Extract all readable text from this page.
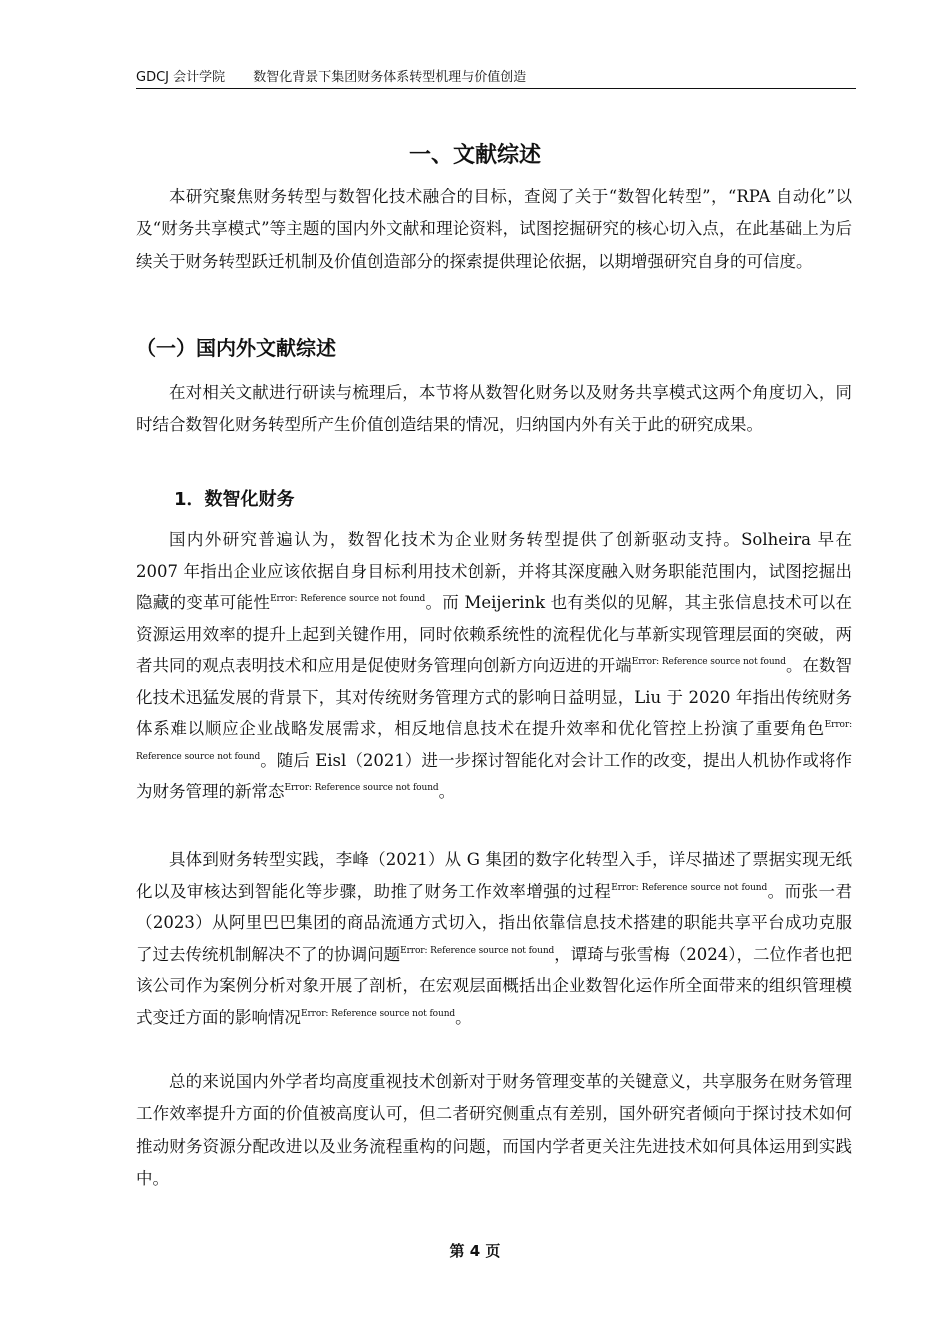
GDCJ 会计学院 数智化背景下集团财务体系转型机理与价值创造
一、文献综述

本研究聚焦财务转型与数智化技术融合的目标，查阅了关于“数智化转型”，“RPA 自动化”以及“财务共享模式”等主题的国内外文献和理论资料，试图挖掘研究的核心切入点，在此基础上为后续关于财务转型跃迁机制及价值创造部分的探索提供理论依据，以期增强研究自身的可信度。

（一）国内外文献综述

在对相关文献进行研读与梳理后，本节将从数智化财务以及财务共享模式这两个角度切入，同时结合数智化财务转型所产生价值创造结果的情况，归纳国内外有关于此的研究成果。

1．数智化财务

国内外研究普遍认为，数智化技术为企业财务转型提供了创新驱动支持。Solheira 早在 2007 年指出企业应该依据自身目标利用技术创新，并将其深度融入财务职能范围内，试图挖掘出隐藏的变革可能性$^{Error: Reference source not found}$。而 Meijerink 也有类似的见解，其主张信息技术可以在资源运用效率的提升上起到关键作用，同时依赖系统性的流程优化与革新实现管理层面的突破，两者共同的观点表明技术和应用是促使财务管理向创新方向迈进的开端$^{Error: Reference source not found}$。在数智化技术迅猛发展的背景下，其对传统财务管理方式的影响日益明显，Liu 于 2020 年指出传统财务体系难以顺应企业战略发展需求，相反地信息技术在提升效率和优化管控上扮演了重要角色$^{Error: Reference source not found}$。随后 Eisl（2021）进一步探讨智能化对会计工作的改变，提出人机协作或将作为财务管理的新常态$^{Error: Reference source not found}$。

具体到财务转型实践，李峰（2021）从 G 集团的数字化转型入手，详尽描述了票据实现无纸化以及审核达到智能化等步骤，助推了财务工作效率增强的过程$^{Error: Reference source not found}$。而张一君（2023）从阿里巴巴集团的商品流通方式切入，指出依靠信息技术搭建的职能共享平台成功克服了过去传统机制解决不了的协调问题$^{Error: Reference source not found}$，谭琦与张雪梅（2024），二位作者也把该公司作为案例分析对象开展了剖析，在宏观层面概括出企业数智化运作所全面带来的组织管理模式变迁方面的影响情况$^{Error: Reference source not found}$。

总的来说国内外学者均高度重视技术创新对于财务管理变革的关键意义，共享服务在财务管理工作效率提升方面的价值被高度认可，但二者研究侧重点有差别，国外研究者倾向于探讨技术如何推动财务资源分配改进以及业务流程重构的问题，而国内学者更关注先进技术如何具体运用到实践中。

第 4 页
